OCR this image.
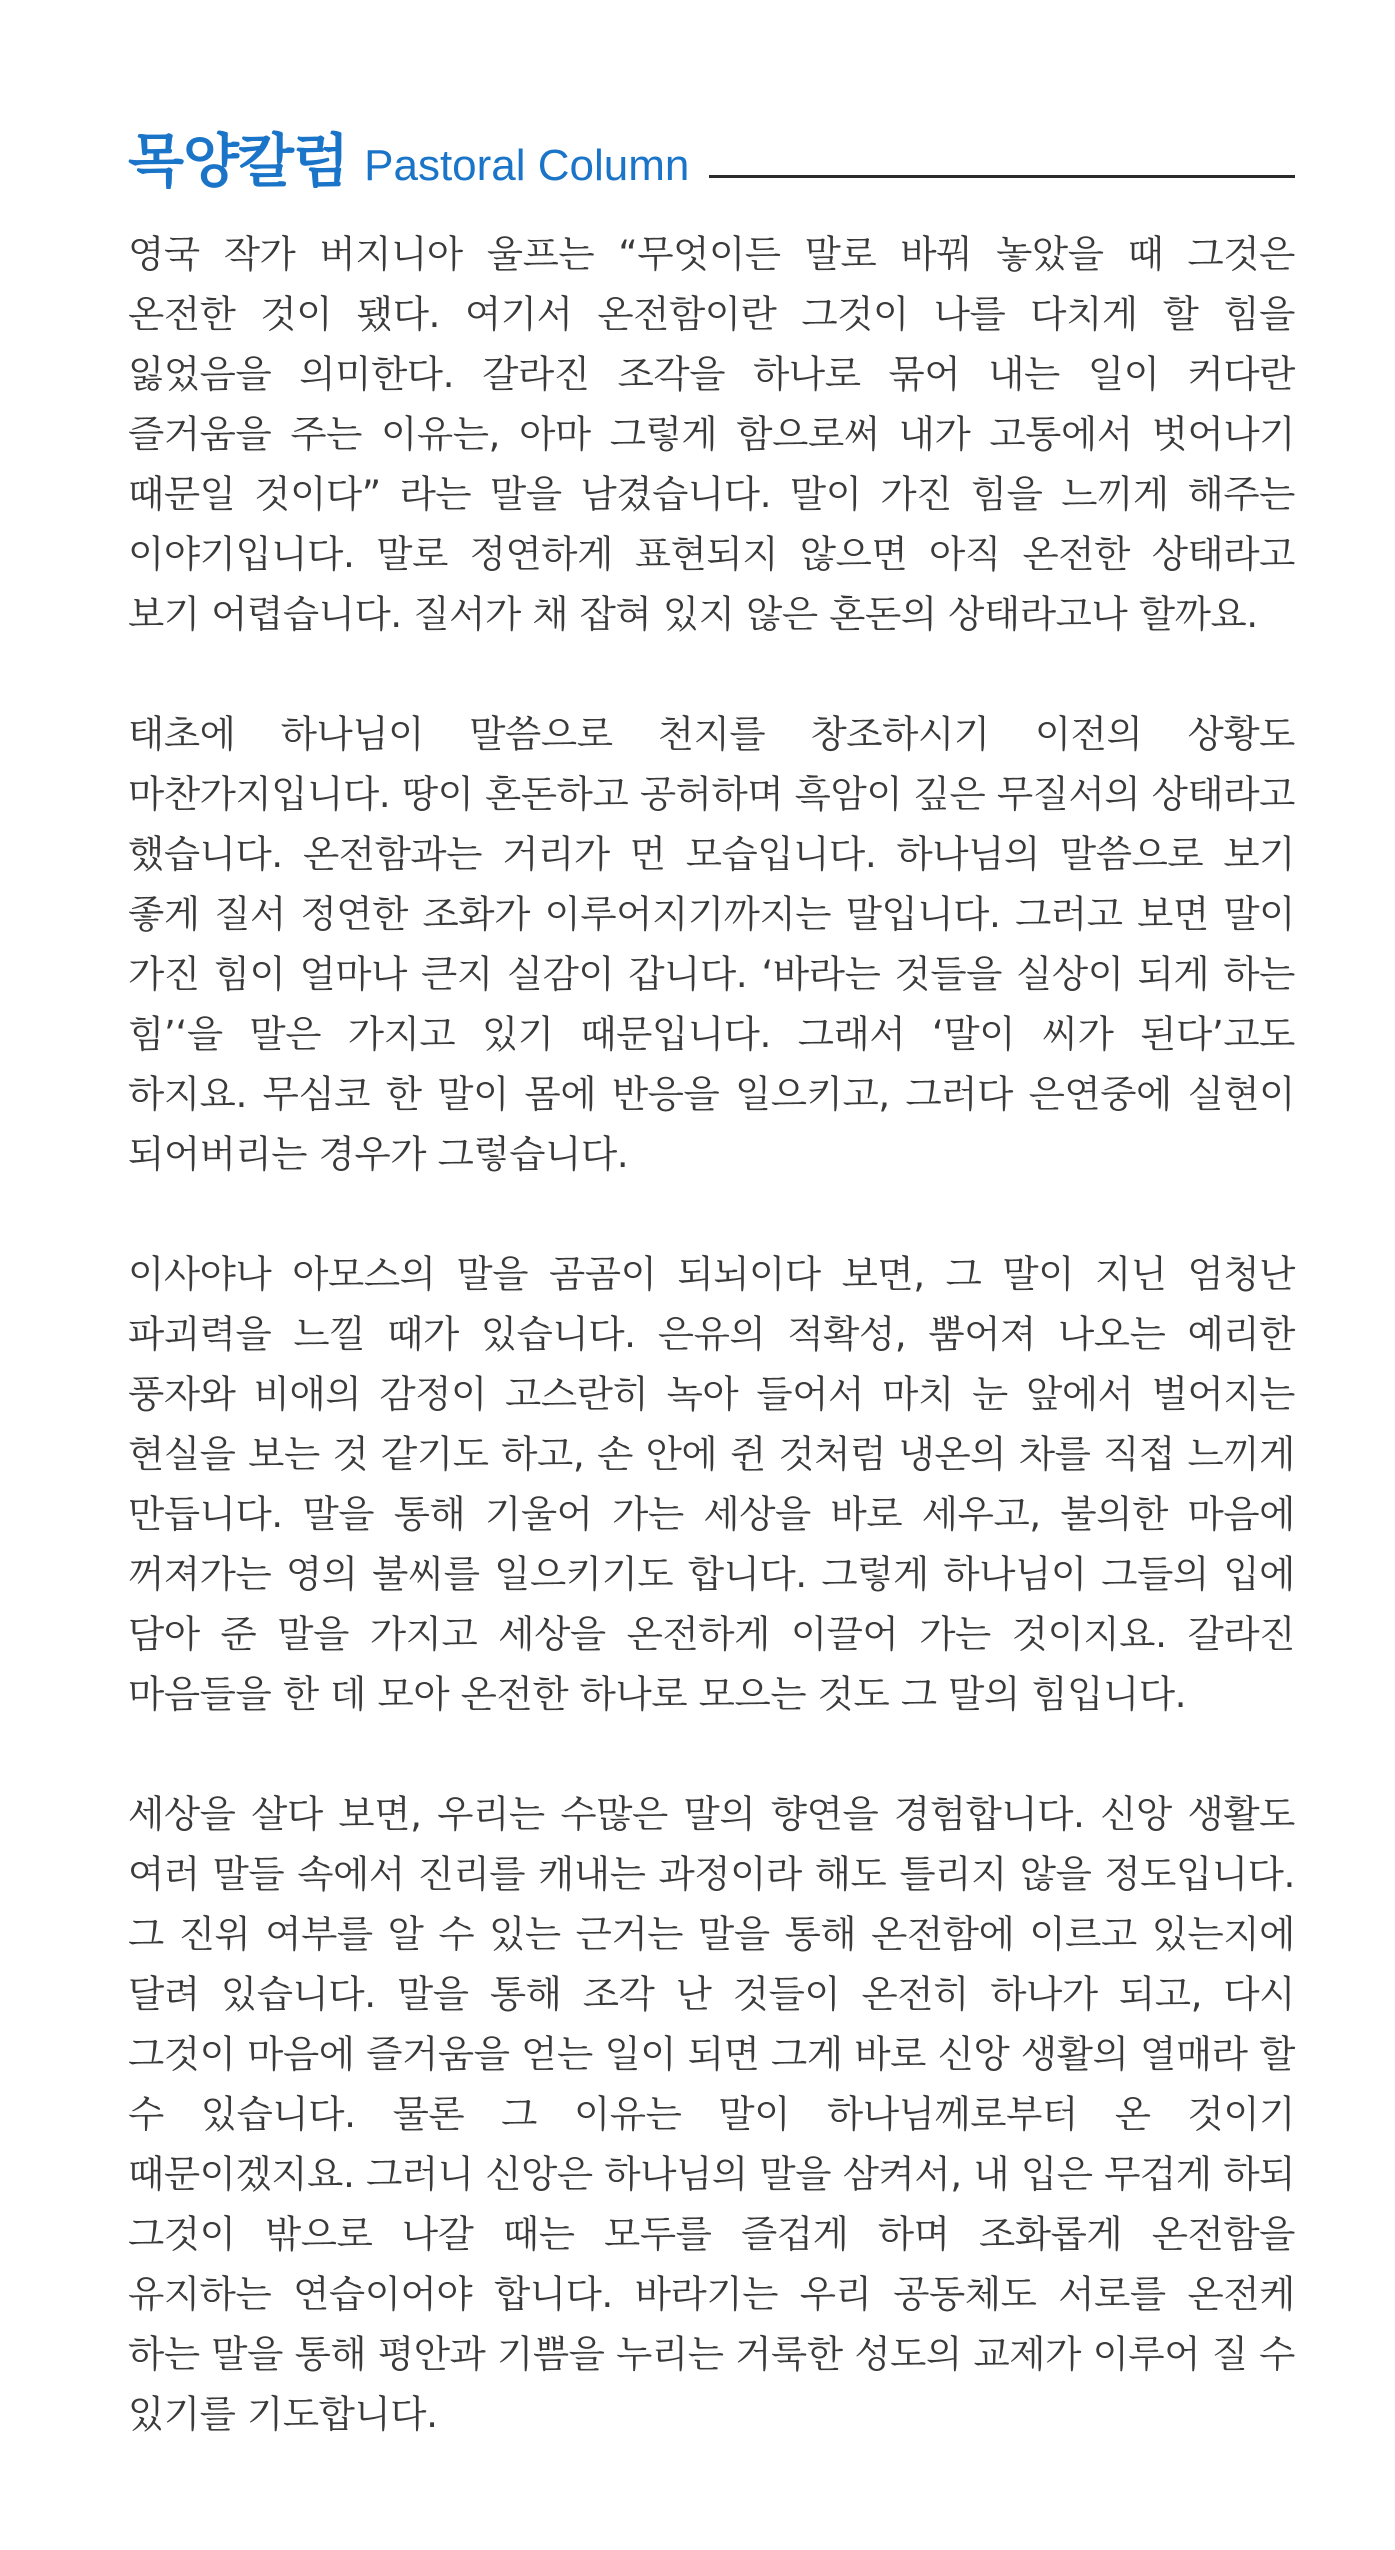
목양칼럼 Pastoral Column

영국 작가 버지니아 울프는 “무엇이든 말로 바꿔 놓았을 때 그것은 온전한 것이 됐다. 여기서 온전함이란 그것이 나를 다치게 할 힘을 잃었음을 의미한다. 갈라진 조각을 하나로 묶어 내는 일이 커다란 즐거움을 주는 이유는, 아마 그렇게 함으로써 내가 고통에서 벗어나기 때문일 것이다” 라는 말을 남겼습니다. 말이 가진 힘을 느끼게 해주는 이야기입니다. 말로 정연하게 표현되지 않으면 아직 온전한 상태라고 보기 어렵습니다. 질서가 채 잡혀 있지 않은 혼돈의 상태라고나 할까요.

태초에 하나님이 말씀으로 천지를 창조하시기 이전의 상황도 마찬가지입니다. 땅이 혼돈하고 공허하며 흑암이 깊은 무질서의 상태라고 했습니다. 온전함과는 거리가 먼 모습입니다. 하나님의 말씀으로 보기 좋게 질서 정연한 조화가 이루어지기까지는 말입니다. 그러고 보면 말이 가진 힘이 얼마나 큰지 실감이 갑니다. ‘바라는 것들을 실상이 되게 하는 힘’‘을 말은 가지고 있기 때문입니다. 그래서 ‘말이 씨가 된다’고도 하지요. 무심코 한 말이 몸에 반응을 일으키고, 그러다 은연중에 실현이 되어버리는 경우가 그렇습니다.

이사야나 아모스의 말을 곰곰이 되뇌이다 보면, 그 말이 지닌 엄청난 파괴력을 느낄 때가 있습니다. 은유의 적확성, 뿜어져 나오는 예리한 풍자와 비애의 감정이 고스란히 녹아 들어서 마치 눈 앞에서 벌어지는 현실을 보는 것 같기도 하고, 손 안에 쥔 것처럼 냉온의 차를 직접 느끼게 만듭니다. 말을 통해 기울어 가는 세상을 바로 세우고, 불의한 마음에 꺼져가는 영의 불씨를 일으키기도 합니다. 그렇게 하나님이 그들의 입에 담아 준 말을 가지고 세상을 온전하게 이끌어 가는 것이지요. 갈라진 마음들을 한 데 모아 온전한 하나로 모으는 것도 그 말의 힘입니다.

세상을 살다 보면, 우리는 수많은 말의 향연을 경험합니다. 신앙 생활도 여러 말들 속에서 진리를 캐내는 과정이라 해도 틀리지 않을 정도입니다. 그 진위 여부를 알 수 있는 근거는 말을 통해 온전함에 이르고 있는지에 달려 있습니다. 말을 통해 조각 난 것들이 온전히 하나가 되고, 다시 그것이 마음에 즐거움을 얻는 일이 되면 그게 바로 신앙 생활의 열매라 할 수 있습니다. 물론 그 이유는 말이 하나님께로부터 온 것이기 때문이겠지요. 그러니 신앙은 하나님의 말을 삼켜서, 내 입은 무겁게 하되 그것이 밖으로 나갈 때는 모두를 즐겁게 하며 조화롭게 온전함을 유지하는 연습이어야 합니다. 바라기는 우리 공동체도 서로를 온전케 하는 말을 통해 평안과 기쁨을 누리는 거룩한 성도의 교제가 이루어 질 수 있기를 기도합니다.
